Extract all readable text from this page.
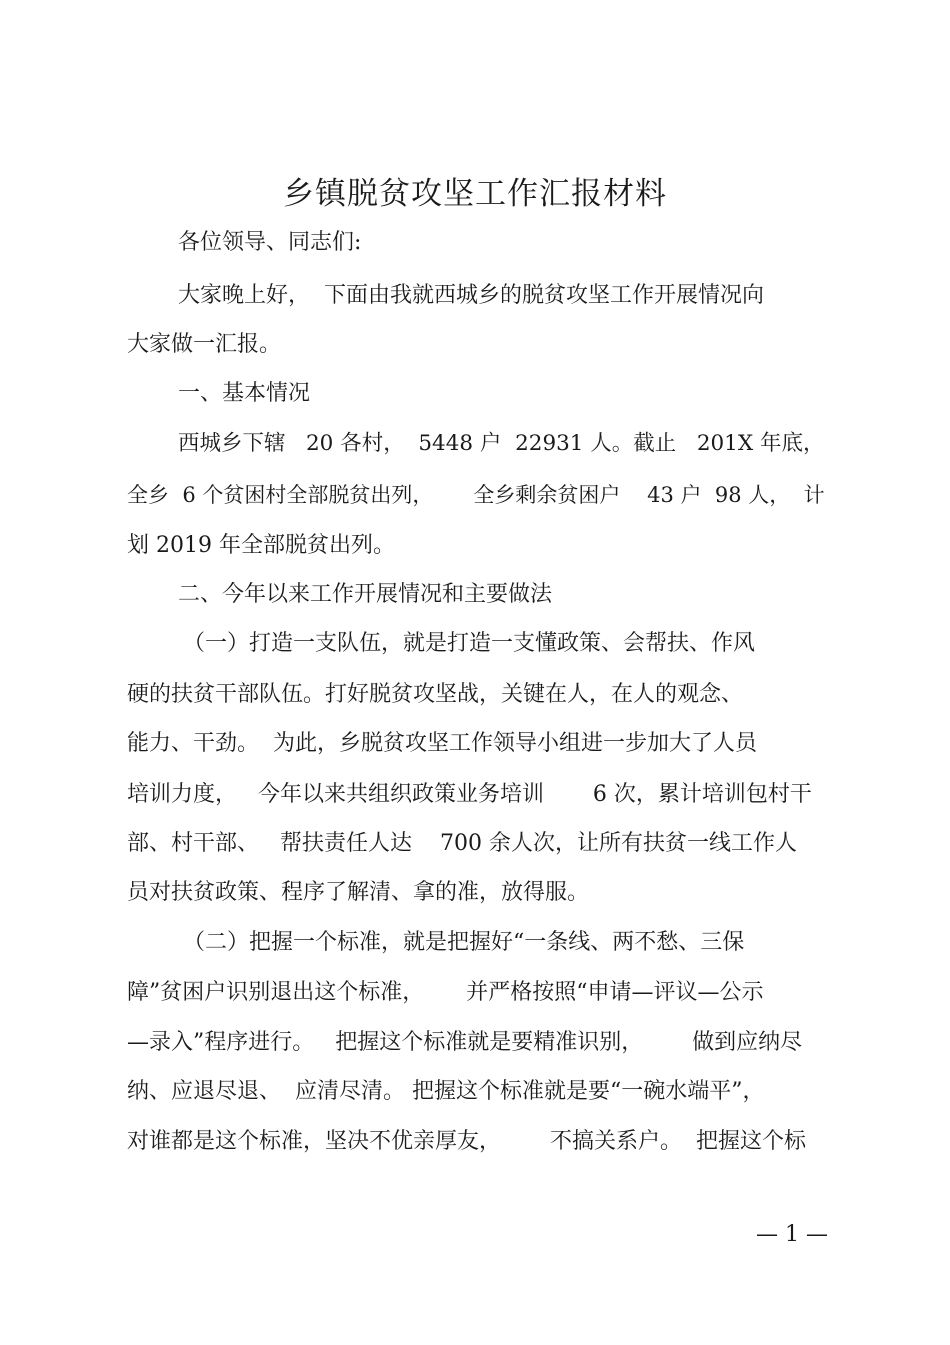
乡镇脱贫攻坚工作汇报材料
各位领导、同志们:
大家晚上好，  下面由我就西城乡的脱贫攻坚工作开展情况向
大家做一汇报。
一、基本情况
西城乡下辖   20 各村，  5448 户  22931 人。截止   201X 年底，
全乡  6 个贫困村全部脱贫出列，      全乡剩余贫困户    43 户  98 人，  计
划 2019 年全部脱贫出列。
二、今年以来工作开展情况和主要做法
（一）打造一支队伍，就是打造一支懂政策、会帮扶、作风
硬的扶贫干部队伍。打好脱贫攻坚战，关键在人，在人的观念、
能力、干劲。  为此，乡脱贫攻坚工作领导小组进一步加大了人员
培训力度，   今年以来共组织政策业务培训       6 次，累计培训包村干
部、村干部、   帮扶责任人达    700 余人次，让所有扶贫一线工作人
员对扶贫政策、程序了解清、拿的准，放得服。
（二）把握一个标准，就是把握好“一条线、两不愁、三保
障”贫困户识别退出这个标准，      并严格按照“申请—评议—公示
—录入”程序进行。   把握这个标准就是要精准识别，       做到应纳尽
纳、应退尽退、  应清尽清。 把握这个标准就是要“一碗水端平”，
对谁都是这个标准，坚决不优亲厚友，       不搞关系户。  把握这个标
— 1 —
